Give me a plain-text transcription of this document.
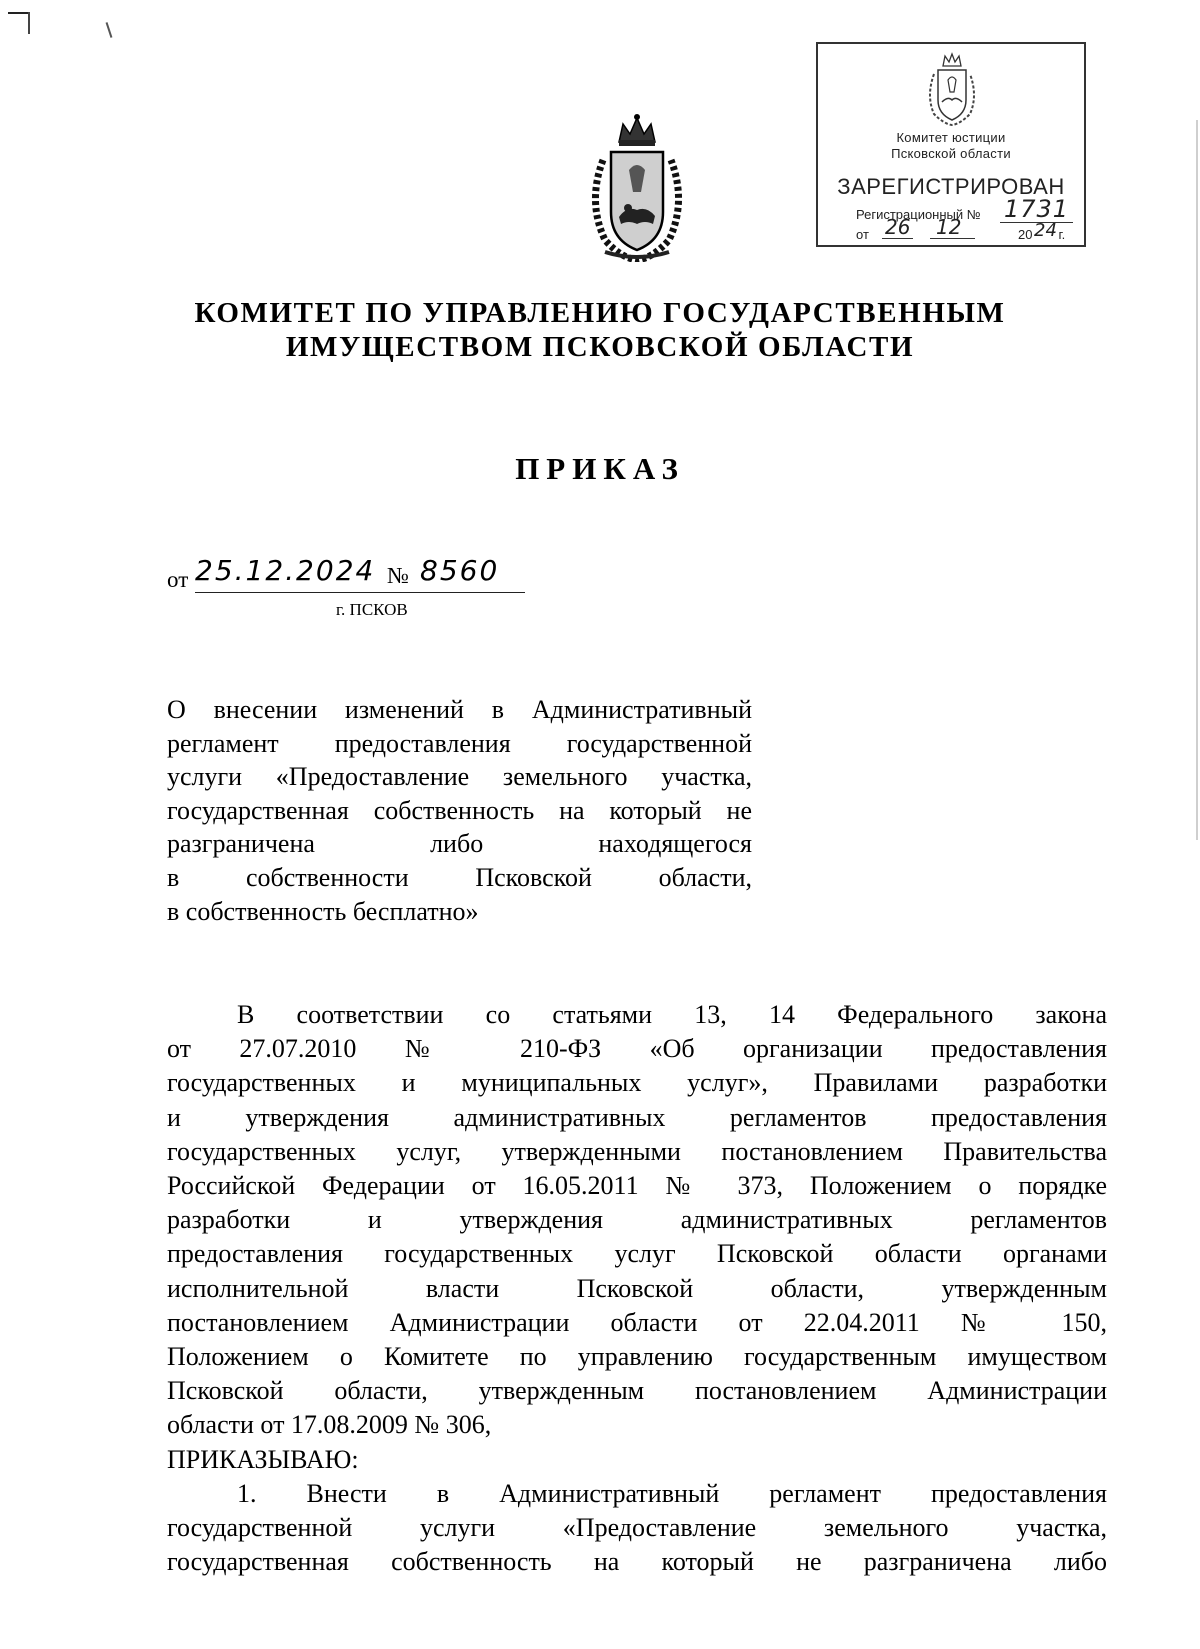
Комитет юстиции
Псковской области
ЗАРЕГИСТРИРОВАН
Регистрационный № 1731
от 26	12	20 г.
24
КОМИТЕТ ПО УПРАВЛЕНИЮ ГОСУДАРСТВЕННЫМ
ИМУЩЕСТВОМ ПСКОВСКОЙ ОБЛАСТИ
ПРИКАЗ
от 25.12.2024 № 8560
г. ПСКОВ
О внесении изменений в Административный
регламент предоставления государственной
услуги «Предоставление земельного участка,
государственная собственность на который не
разграничена либо находящегося
в собственности Псковской области,
в собственность бесплатно»
В соответствии со статьями 13, 14 Федерального закона
от 27.07.2010 № 210-ФЗ «Об организации предоставления
государственных и муниципальных услуг», Правилами разработки
и утверждения административных регламентов предоставления
государственных услуг, утвержденными постановлением Правительства
Российской Федерации от 16.05.2011 № 373, Положением о порядке
разработки и утверждения административных регламентов
предоставления государственных услуг Псковской области органами
исполнительной власти Псковской области, утвержденным
постановлением Администрации области от 22.04.2011 № 150,
Положением о Комитете по управлению государственным имуществом
Псковской области, утвержденным постановлением Администрации
области от 17.08.2009 № 306,
ПРИКАЗЫВАЮ:
1. Внести в Административный регламент предоставления
государственной услуги «Предоставление земельного участка,
государственная собственность на который не разграничена либо
